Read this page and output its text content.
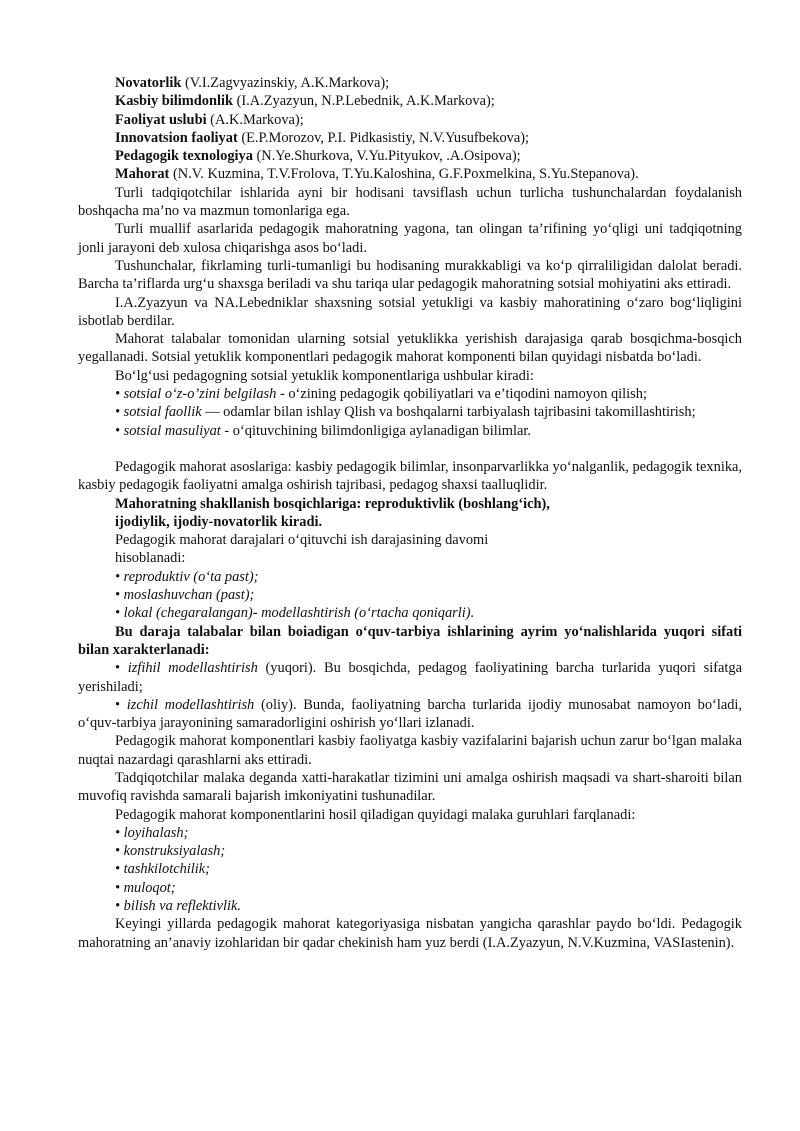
Novatorlik (V.I.Zagvyazinskiy, A.K.Markova);

Kasbiy bilimdonlik (I.A.Zyazyun, N.P.Lebednik, A.K.Markova);

Faoliyat uslubi (A.K.Markova);

Innovatsion faoliyat (E.P.Morozov, P.I. Pidkasistiy, N.V.Yusufbekova);

Pedagogik texnologiya (N.Ye.Shurkova, V.Yu.Pityukov, .A.Osipova);

Mahorat (N.V. Kuzmina, T.V.Frolova, T.Yu.Kaloshina, G.F.Poxmelkina, S.Yu.Stepanova).

Turli tadqiqotchilar ishlarida ayni bir hodisani tavsiflash uchun turlicha tushunchalardan foydalanish boshqacha ma’no va mazmun tomonlariga ega.

Turli muallif asarlarida pedagogik mahoratning yagona, tan olingan ta’rifining yo‘qligi uni tadqiqotning jonli jarayoni deb xulosa chiqarishga asos bo‘ladi.

Tushunchalar, fikrlaming turli-tumanligi bu hodisaning murakkabligi va ko‘p qirraliligidan dalolat beradi. Barcha ta’riflarda urg‘u shaxsga beriladi va shu tariqa ular pedagogik mahoratning sotsial mohiyatini aks ettiradi.

I.A.Zyazyun va NA.Lebedniklar shaxsning sotsial yetukligi va kasbiy mahoratining o‘zaro bog‘liqligini isbotlab berdilar.

Mahorat talabalar tomonidan ularning sotsial yetuklikka yerishish darajasiga qarab bosqichma-bosqich yegallanadi. Sotsial yetuklik komponentlari pedagogik mahorat komponenti bilan quyidagi nisbatda bo‘ladi.

Bo‘lg‘usi pedagogning sotsial yetuklik komponentlariga ushbular kiradi:

• sotsial o‘z-o’zini belgilash - o‘zining pedagogik qobiliyatlari va e’tiqodini namoyon qilish;

• sotsial faollik — odamlar bilan ishlay Qlish va boshqalarni tarbiyalash tajribasini takomillashtirish;

• sotsial masuliyat - o‘qituvchining bilimdonligiga aylanadigan bilimlar.

Pedagogik mahorat asoslariga: kasbiy pedagogik bilimlar, insonparvarlikka yo‘nalganlik, pedagogik texnika, kasbiy pedagogik faoliyatni amalga oshirish tajribasi, pedagog shaxsi taalluqlidir.

Mahoratning shakllanish bosqichlariga: reproduktivlik (boshlang‘ich),

ijodiylik, ijodiy-novatorlik kiradi.

Pedagogik mahorat darajalari o‘qituvchi ish darajasining davomi

hisoblanadi:

• reproduktiv (o‘ta past);

• moslashuvchan (past);

• lokal (chegaralangan)- modellashtirish (o‘rtacha qoniqarli).

Bu daraja talabalar bilan boiadigan o‘quv-tarbiya ishlarining ayrim yo‘nalishlarida yuqori sifati bilan xarakterlanadi:

• izfihil modellashtirish (yuqori). Bu bosqichda, pedagog faoliyatining barcha turlarida yuqori sifatga yerishiladi;

• izchil modellashtirish (oliy). Bunda, faoliyatning barcha turlarida ijodiy munosabat namoyon bo‘ladi, o‘quv-tarbiya jarayonining samaradorligini oshirish yo‘llari izlanadi.

Pedagogik mahorat komponentlari kasbiy faoliyatga kasbiy vazifalarini bajarish uchun zarur bo‘lgan malaka nuqtai nazardagi qarashlarni aks ettiradi.

Tadqiqotchilar malaka deganda xatti-harakatlar tizimini uni amalga oshirish maqsadi va shart-sharoiti bilan muvofiq ravishda samarali bajarish imkoniyatini tushunadilar.

Pedagogik mahorat komponentlarini hosil qiladigan quyidagi malaka guruhlari farqlanadi:

• loyihalash;

• konstruksiyalash;

• tashkilotchilik;

• muloqot;

• bilish va reflektivlik.

Keyingi yillarda pedagogik mahorat kategoriyasiga nisbatan yangicha qarashlar paydo bo‘ldi. Pedagogik mahoratning an’anaviy izohlaridan bir qadar chekinish ham yuz berdi (I.A.Zyazyun, N.V.Kuzmina, VASIastenin).
